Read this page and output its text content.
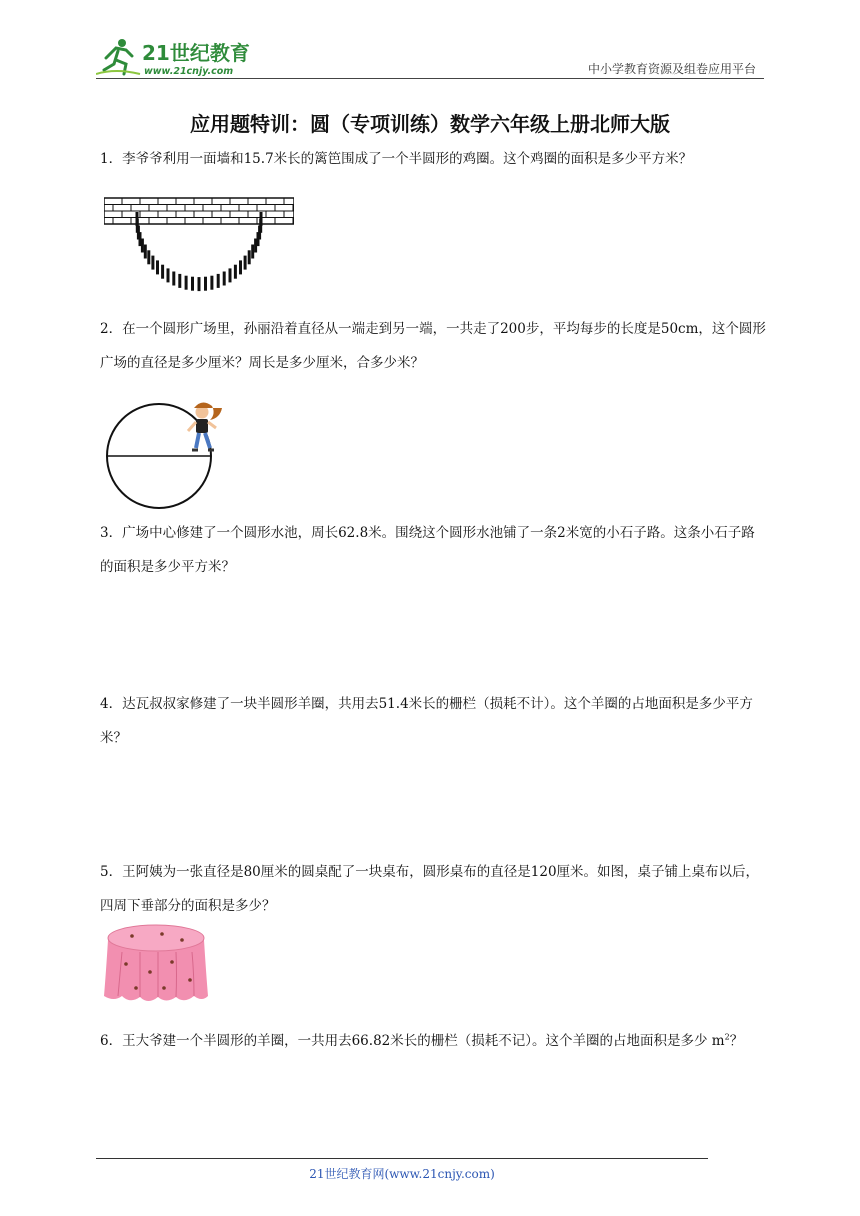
21世纪教育
www.21cnjy.com	中小学教育资源及组卷应用平台
应用题特训：圆（专项训练）数学六年级上册北师大版
1．李爷爷利用一面墙和15.7米长的篱笆围成了一个半圆形的鸡圈。这个鸡圈的面积是多少平方米？
2．在一个圆形广场里，孙丽沿着直径从一端走到另一端，一共走了200步，平均每步的长度是50cm，这个圆形广场的直径是多少厘米？周长是多少厘米，合多少米？
3．广场中心修建了一个圆形水池，周长62.8米。围绕这个圆形水池铺了一条2米宽的小石子路。这条小石子路的面积是多少平方米？
4．达瓦叔叔家修建了一块半圆形羊圈，共用去51.4米长的栅栏（损耗不计）。这个羊圈的占地面积是多少平方米？
5．王阿姨为一张直径是80厘米的圆桌配了一块桌布，圆形桌布的直径是120厘米。如图，桌子铺上桌布以后，四周下垂部分的面积是多少？
6．王大爷建一个半圆形的羊圈，一共用去66.82米长的栅栏（损耗不记）。这个羊圈的占地面积是多少 $m^2$？
21世纪教育网(www.21cnjy.com)
